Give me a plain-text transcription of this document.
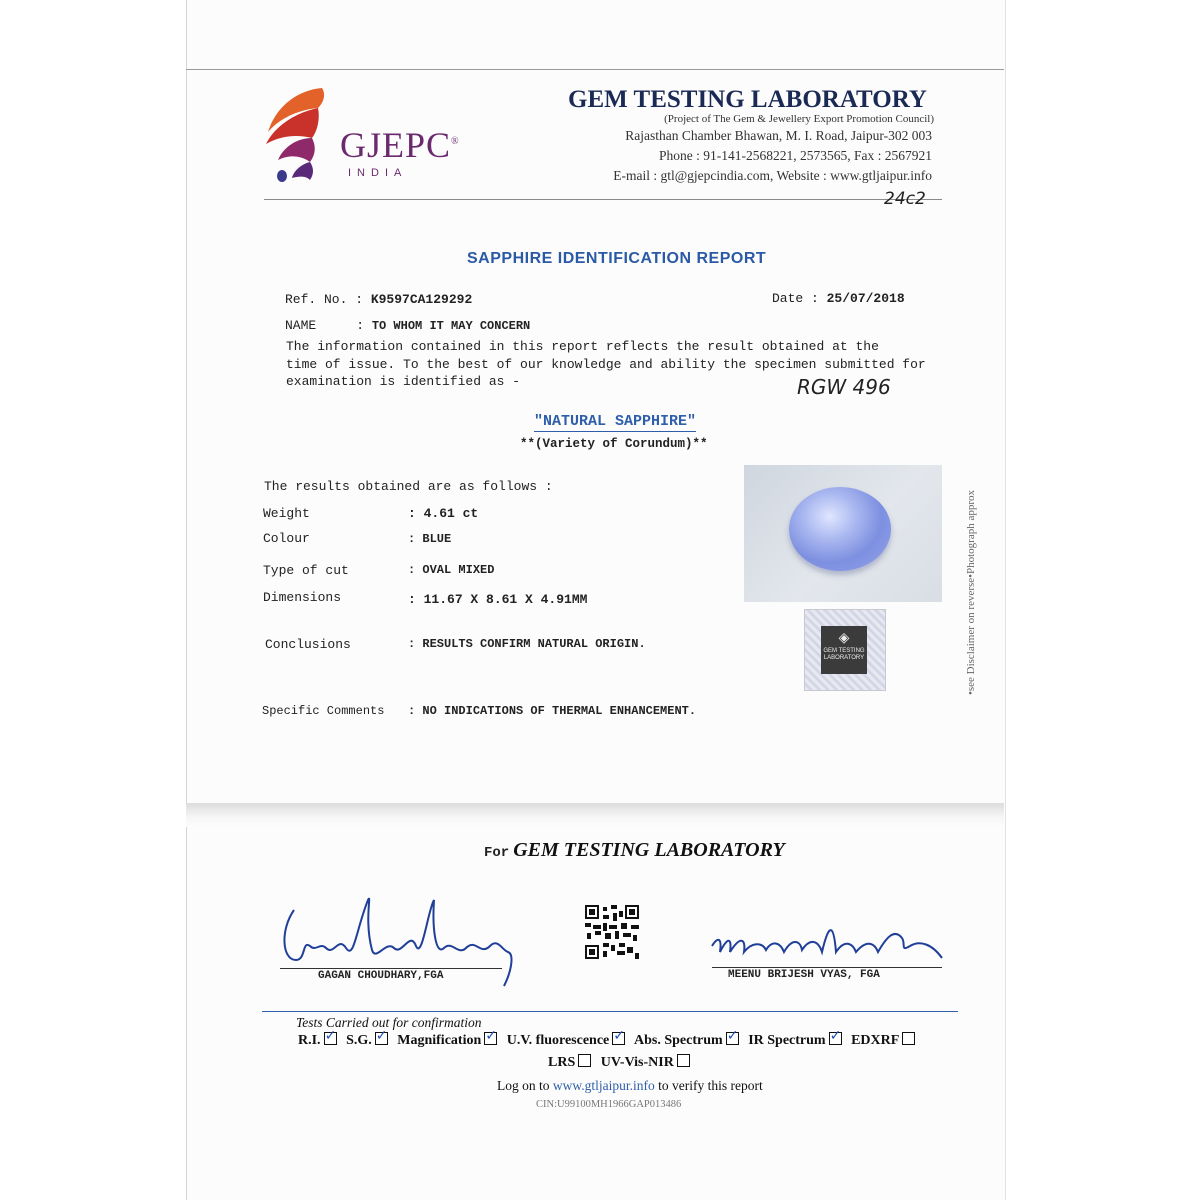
GJEPC®
INDIA
GEM TESTING LABORATORY
(Project of The Gem & Jewellery Export Promotion Council)
Rajasthan Chamber Bhawan, M. I. Road, Jaipur-302 003
Phone : 91-141-2568221, 2573565, Fax : 2567921
E-mail : gtl@gjepcindia.com, Website : www.gtljaipur.info
24c2
SAPPHIRE IDENTIFICATION REPORT
Ref. No. : K9597CA129292	Date : 25/07/2018
NAME	: TO WHOM IT MAY CONCERN
The information contained in this report reflects the result obtained at the
time of issue. To the best of our knowledge and ability the specimen submitted for
examination is identified as -	RGW 496
"NATURAL SAPPHIRE"
**(Variety of Corundum)**
The results obtained are as follows :
Weight	: 4.61 ct
Colour	: BLUE
Type of cut	: OVAL MIXED
Dimensions	: 11.67 X 8.61 X 4.91MM
Conclusions	: RESULTS CONFIRM NATURAL ORIGIN.
Specific Comments : NO INDICATIONS OF THERMAL ENHANCEMENT.
◈
GEM TESTING LABORATORY	•see Disclaimer on reverse•Photograph approx
For GEM TESTING LABORATORY
GAGAN CHOUDHARY,FGA	MEENU BRIJESH VYAS, FGA
Tests Carried out for confirmation
R.I. ✓ S.G. ✓ Magnification ✓ U.V. fluorescence ✓ Abs. Spectrum ✓ IR Spectrum ✓ EDXRF
LRS UV-Vis-NIR
Log on to www.gtljaipur.info to verify this report
CIN:U99100MH1966GAP013486
